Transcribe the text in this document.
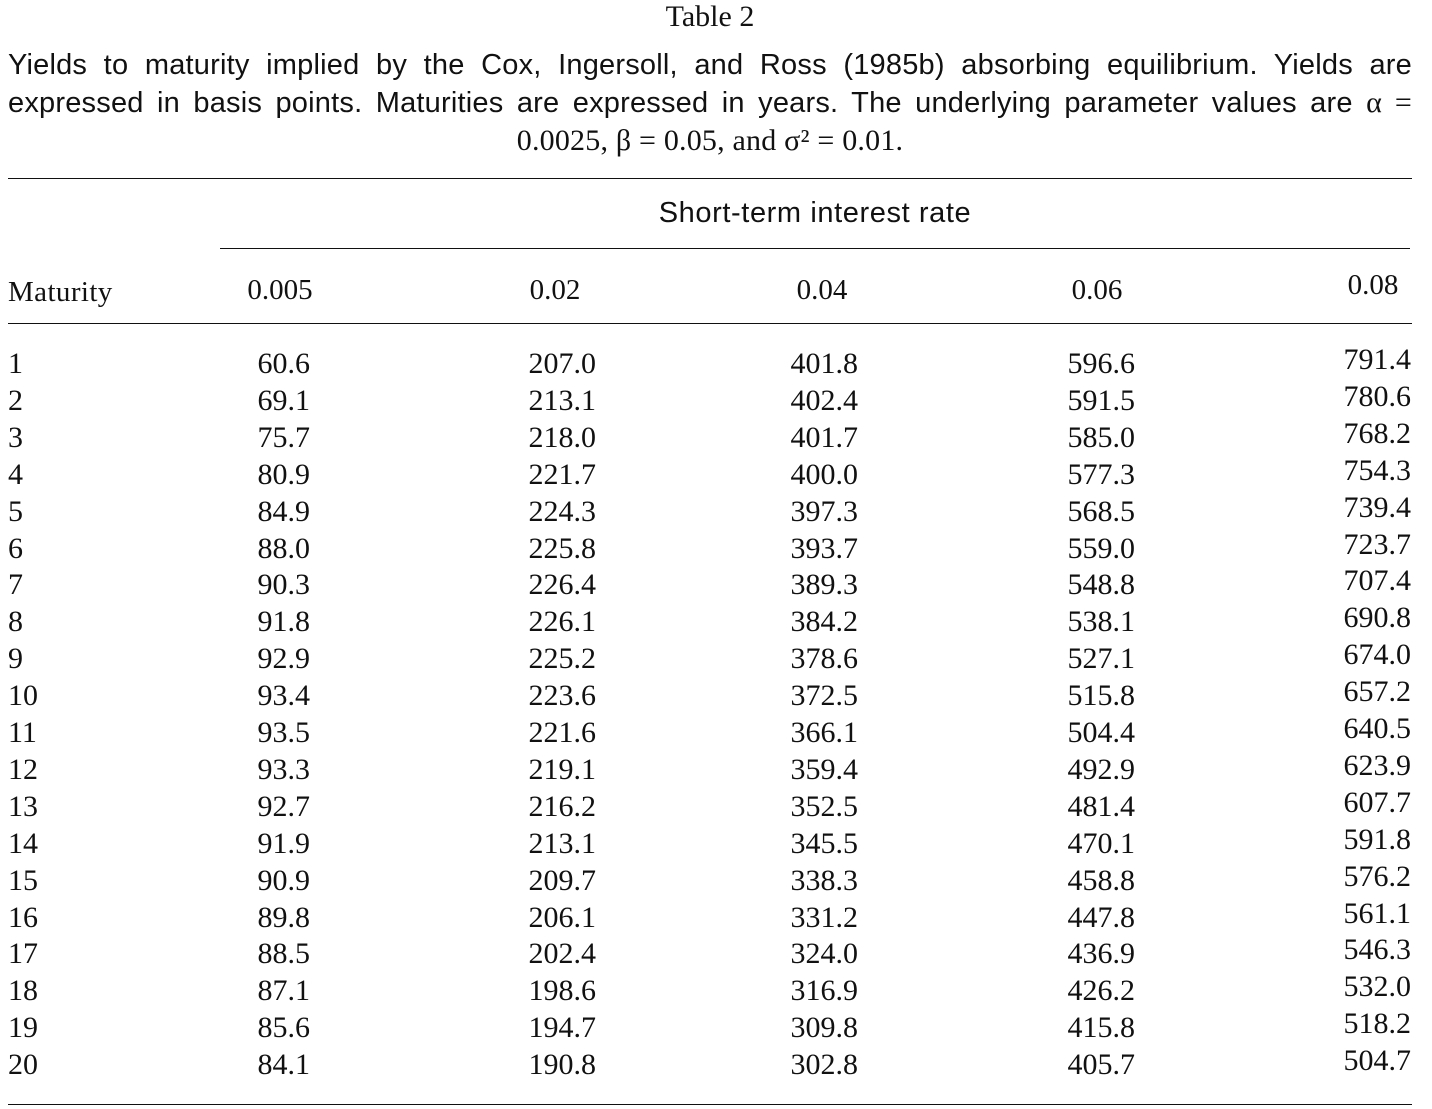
Table 2
Yields to maturity implied by the Cox, Ingersoll, and Ross (1985b) absorbing equilibrium. Yields are expressed in basis points. Maturities are expressed in years. The underlying parameter values are α = 0.0025, β = 0.05, and σ² = 0.01.
Short-term interest rate
Maturity	0.005	0.02	0.04	0.06	0.08
1	60.6	207.0	401.8	596.6	791.4
2	69.1	213.1	402.4	591.5	780.6
3	75.7	218.0	401.7	585.0	768.2
4	80.9	221.7	400.0	577.3	754.3
5	84.9	224.3	397.3	568.5	739.4
6	88.0	225.8	393.7	559.0	723.7
7	90.3	226.4	389.3	548.8	707.4
8	91.8	226.1	384.2	538.1	690.8
9	92.9	225.2	378.6	527.1	674.0
10	93.4	223.6	372.5	515.8	657.2
11	93.5	221.6	366.1	504.4	640.5
12	93.3	219.1	359.4	492.9	623.9
13	92.7	216.2	352.5	481.4	607.7
14	91.9	213.1	345.5	470.1	591.8
15	90.9	209.7	338.3	458.8	576.2
16	89.8	206.1	331.2	447.8	561.1
17	88.5	202.4	324.0	436.9	546.3
18	87.1	198.6	316.9	426.2	532.0
19	85.6	194.7	309.8	415.8	518.2
20	84.1	190.8	302.8	405.7	504.7
